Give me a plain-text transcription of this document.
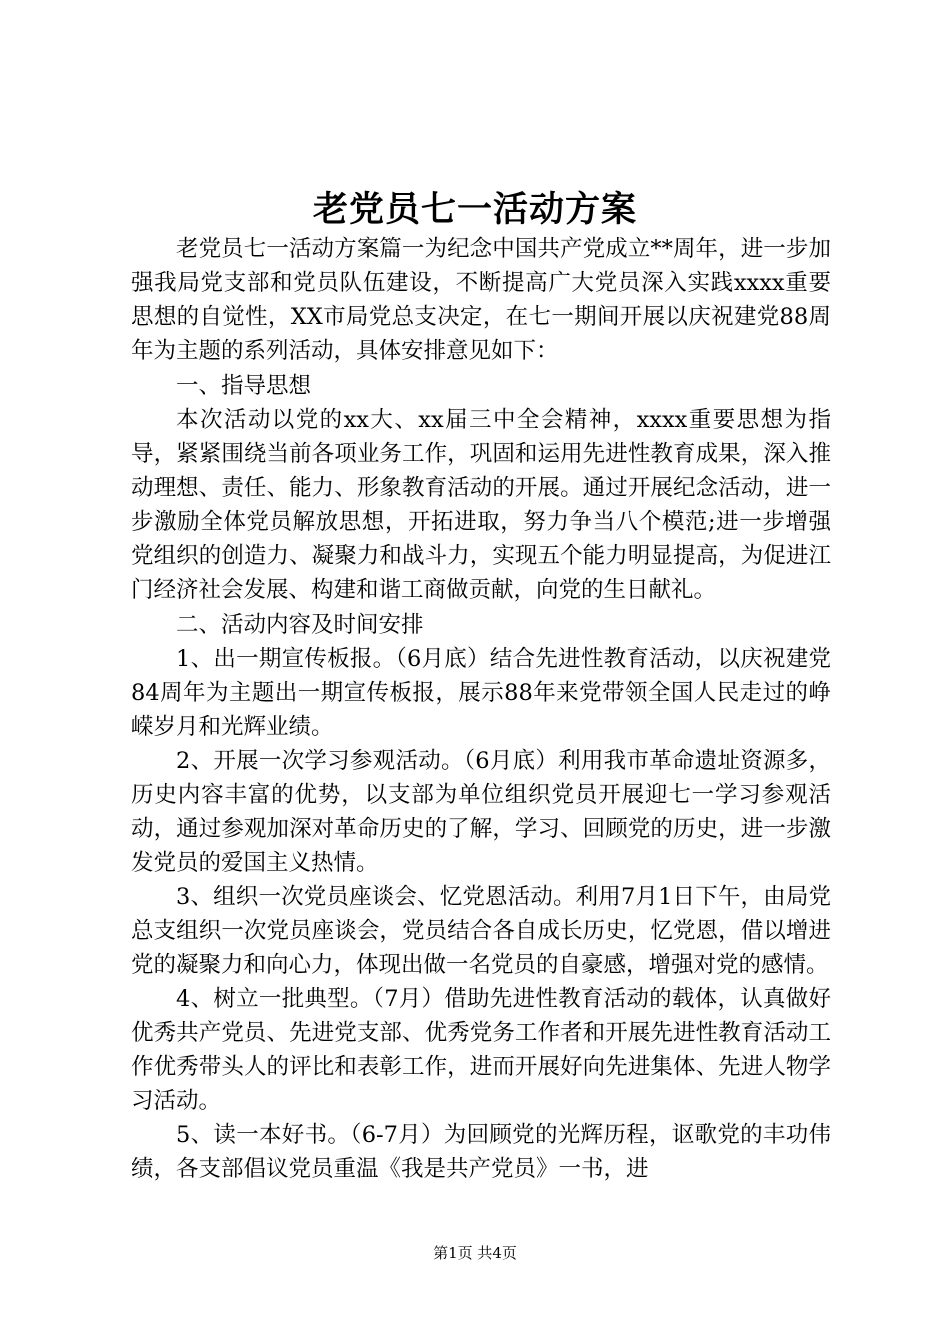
老党员七一活动方案

老党员七一活动方案篇一为纪念中国共产党成立**周年，进一步加强我局党支部和党员队伍建设，不断提高广大党员深入实践xxxx重要思想的自觉性，XX市局党总支决定，在七一期间开展以庆祝建党88周年为主题的系列活动，具体安排意见如下：

一、指导思想

本次活动以党的xx大、xx届三中全会精神，xxxx重要思想为指导，紧紧围绕当前各项业务工作，巩固和运用先进性教育成果，深入推动理想、责任、能力、形象教育活动的开展。通过开展纪念活动，进一步激励全体党员解放思想，开拓进取，努力争当八个模范;进一步增强党组织的创造力、凝聚力和战斗力，实现五个能力明显提高，为促进江门经济社会发展、构建和谐工商做贡献，向党的生日献礼。

二、活动内容及时间安排

1、出一期宣传板报。（6月底）结合先进性教育活动，以庆祝建党84周年为主题出一期宣传板报，展示88年来党带领全国人民走过的峥嵘岁月和光辉业绩。

2、开展一次学习参观活动。（6月底）利用我市革命遗址资源多，历史内容丰富的优势，以支部为单位组织党员开展迎七一学习参观活动，通过参观加深对革命历史的了解，学习、回顾党的历史，进一步激发党员的爱国主义热情。

3、组织一次党员座谈会、忆党恩活动。利用7月1日下午，由局党总支组织一次党员座谈会，党员结合各自成长历史，忆党恩，借以增进党的凝聚力和向心力，体现出做一名党员的自豪感，增强对党的感情。

4、树立一批典型。（7月）借助先进性教育活动的载体，认真做好优秀共产党员、先进党支部、优秀党务工作者和开展先进性教育活动工作优秀带头人的评比和表彰工作，进而开展好向先进集体、先进人物学习活动。

5、读一本好书。（6-7月）为回顾党的光辉历程，讴歌党的丰功伟绩，各支部倡议党员重温《我是共产党员》一书，进

第1页 共4页
